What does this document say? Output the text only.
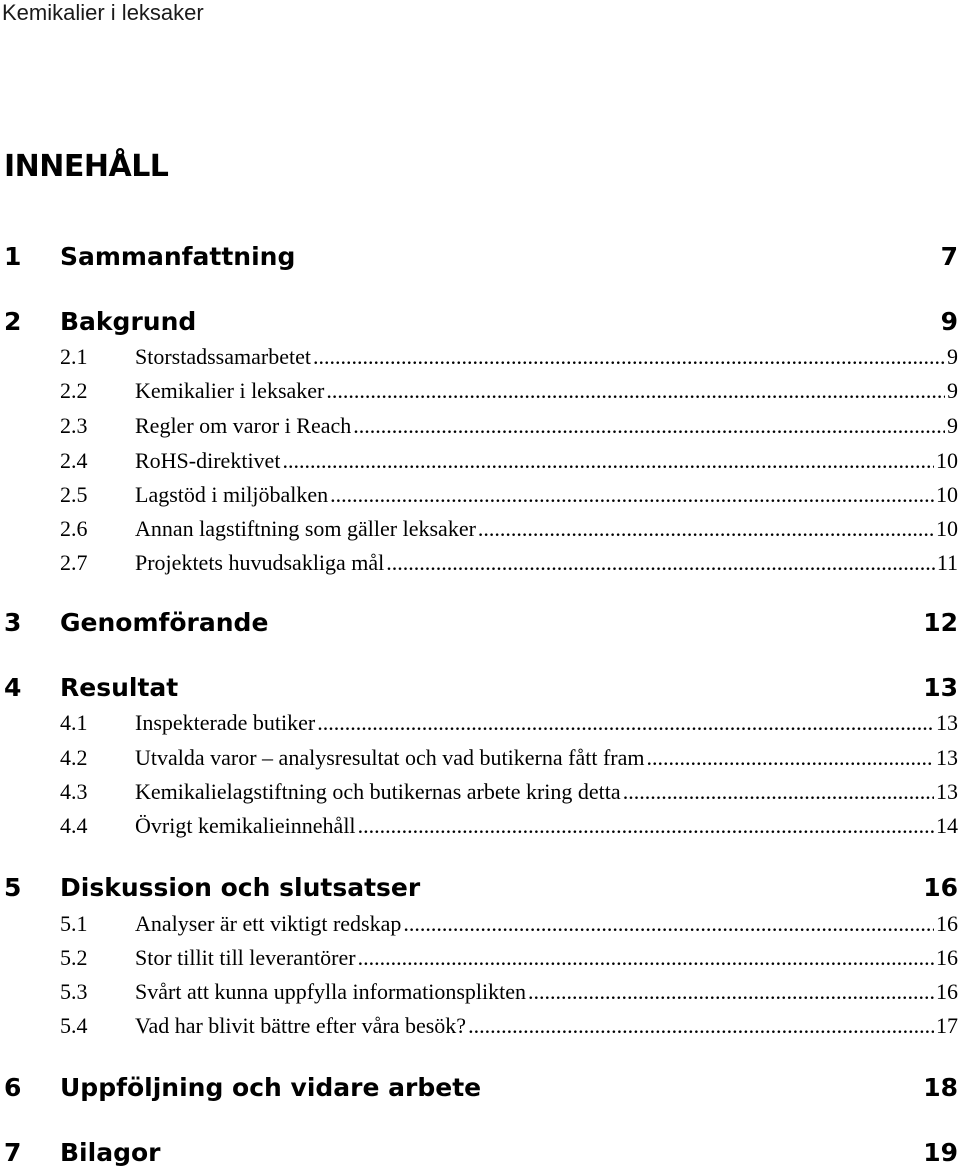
Kemikalier i leksaker
INNEHÅLL
1 Sammanfattning	7
2 Bakgrund	9
2.1 Storstadssamarbetet .....	9
2.2 Kemikalier i leksaker .....	9
2.3 Regler om varor i Reach .....	9
2.4 RoHS-direktivet .....	10
2.5 Lagstöd i miljöbalken .....	10
2.6 Annan lagstiftning som gäller leksaker .....	10
2.7 Projektets huvudsakliga mål .....	11
3 Genomförande	12
4 Resultat	13
4.1 Inspekterade butiker .....	13
4.2 Utvalda varor – analysresultat och vad butikerna fått fram .....	13
4.3 Kemikalielagstiftning och butikernas arbete kring detta .....	13
4.4 Övrigt kemikalieinnehåll .....	14
5 Diskussion och slutsatser	16
5.1 Analyser är ett viktigt redskap .....	16
5.2 Stor tillit till leverantörer .....	16
5.3 Svårt att kunna uppfylla informationsplikten .....	16
5.4 Vad har blivit bättre efter våra besök? .....	17
6 Uppföljning och vidare arbete	18
7 Bilagor	19
